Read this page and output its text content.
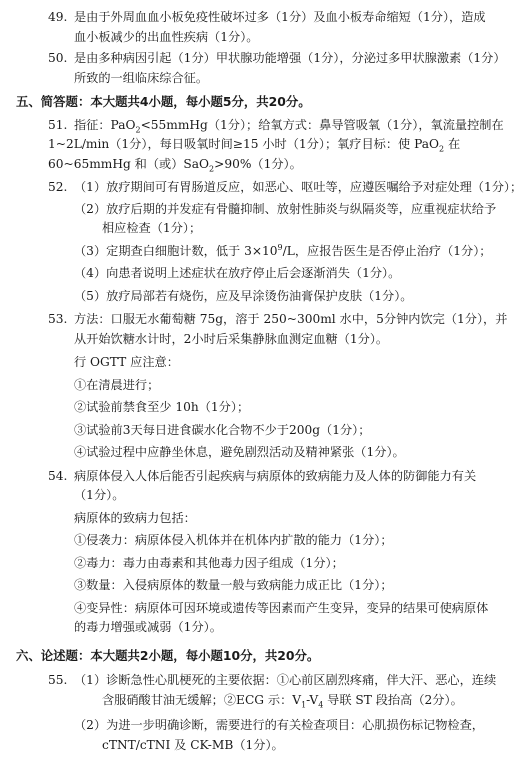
49. 是由于外周血血小板免疫性破坏过多（1分）及血小板寿命缩短（1分），造成
血小板减少的出血性疾病（1分）。
50. 是由多种病因引起（1分）甲状腺功能增强（1分），分泌过多甲状腺激素（1分）
所致的一组临床综合征。
五、简答题：本大题共4小题，每小题5分，共20分。
51. 指征：PaO$_2$<55mmHg（1分）；给氧方式：鼻导管吸氧（1分），氧流量控制在
1~2L/min（1分），每日吸氧时间≥15 小时（1分）；氧疗目标：使 PaO$_2$ 在
60~65mmHg 和（或）SaO$_2$>90%（1分）。
52. （1）放疗期间可有胃肠道反应，如恶心、呕吐等，应遵医嘱给予对症处理（1分）；
（2）放疗后期的并发症有骨髓抑制、放射性肺炎与纵隔炎等，应重视症状给予
相应检查（1分）；
（3）定期查白细胞计数，低于 $3\times 10^9/L$，应报告医生是否停止治疗（1分）；
（4）向患者说明上述症状在放疗停止后会逐渐消失（1分）。
（5）放疗局部若有烧伤，应及早涂烫伤油膏保护皮肤（1分）。
53. 方法：口服无水葡萄糖 75g，溶于 250~300ml 水中，5分钟内饮完（1分），并
从开始饮糖水计时，2小时后采集静脉血测定血糖（1分）。
行 OGTT 应注意：
①在清晨进行；
②试验前禁食至少 10h（1分）；
③试验前3天每日进食碳水化合物不少于200g（1分）；
④试验过程中应静坐休息，避免剧烈活动及精神紧张（1分）。
54. 病原体侵入人体后能否引起疾病与病原体的致病能力及人体的防御能力有关
（1分）。
病原体的致病力包括：
①侵袭力：病原体侵入机体并在机体内扩散的能力（1分）；
②毒力：毒力由毒素和其他毒力因子组成（1分）；
③数量：入侵病原体的数量一般与致病能力成正比（1分）；
④变异性：病原体可因环境或遗传等因素而产生变异，变异的结果可使病原体
的毒力增强或减弱（1分）。
六、论述题：本大题共2小题，每小题10分，共20分。
55. （1）诊断急性心肌梗死的主要依据：①心前区剧烈疼痛，伴大汗、恶心，连续
含服硝酸甘油无缓解；②ECG 示：$V_1-V_4$ 导联 ST 段抬高（2分）。
（2）为进一步明确诊断，需要进行的有关检查项目：心肌损伤标记物检查，
cTNT/cTNI 及 CK-MB（1分）。
